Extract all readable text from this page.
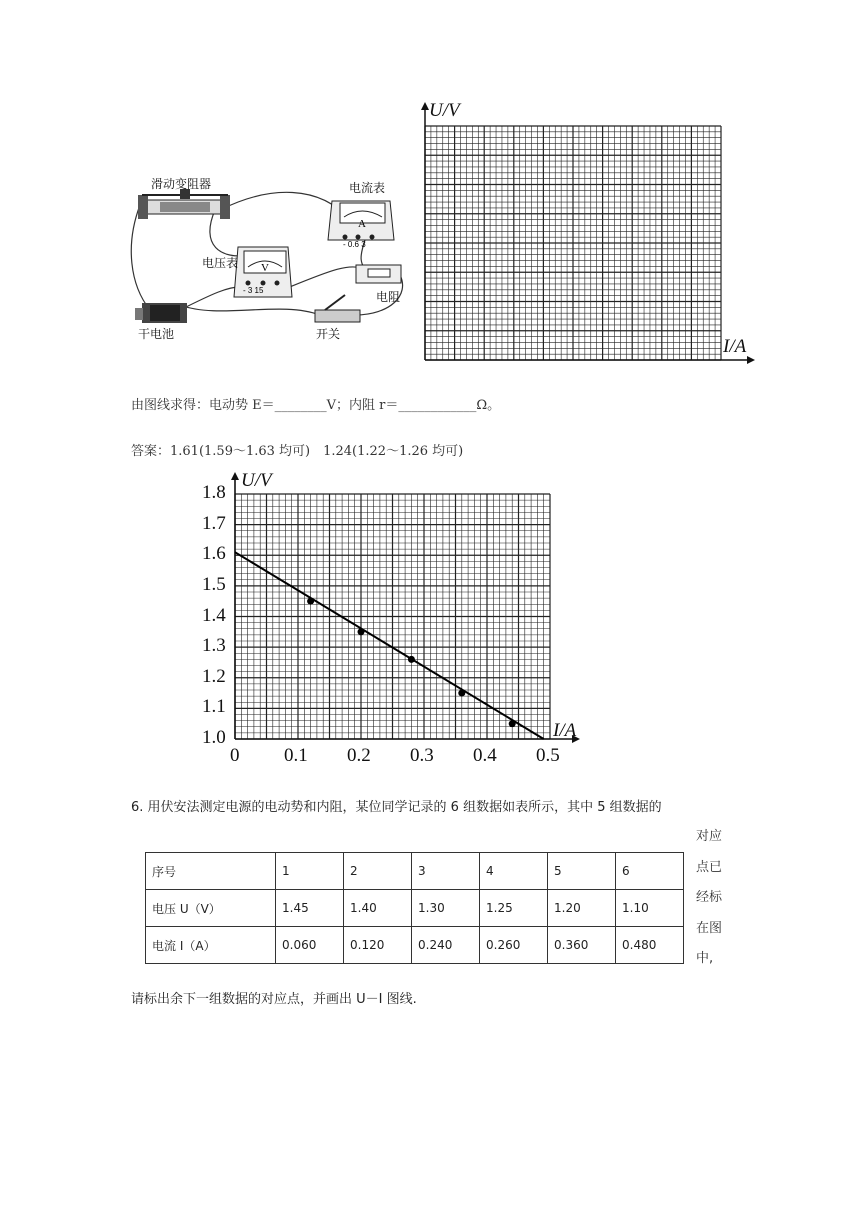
A
- 0.6 3
V
- 3 15
滑动变阻器	电流表
电压表
电阻
干电池	开关
U/V
I/A
由图线求得：电动势 E＝________V；内阻 r＝____________Ω。
答案：1.61(1.59～1.63 均可)　1.24(1.22～1.26 均可)
U/V
I/A
0 0.1 0.2 0.3 0.4 0.5
1.0
1.1
1.2
1.3
1.4
1.5
1.6
1.7
1.8
6. 用伏安法测定电源的电动势和内阻，某位同学记录的 6 组数据如表所示，其中 5 组数据的
序号	1	2	3	4	5	6
电压 U（V）	1.45	1.40	1.30	1.25	1.20	1.10
电流 I（A）	0.060	0.120	0.240	0.260	0.360	0.480
对应
点已
经标
在图
中,
请标出余下一组数据的对应点，并画出 U－I 图线.
